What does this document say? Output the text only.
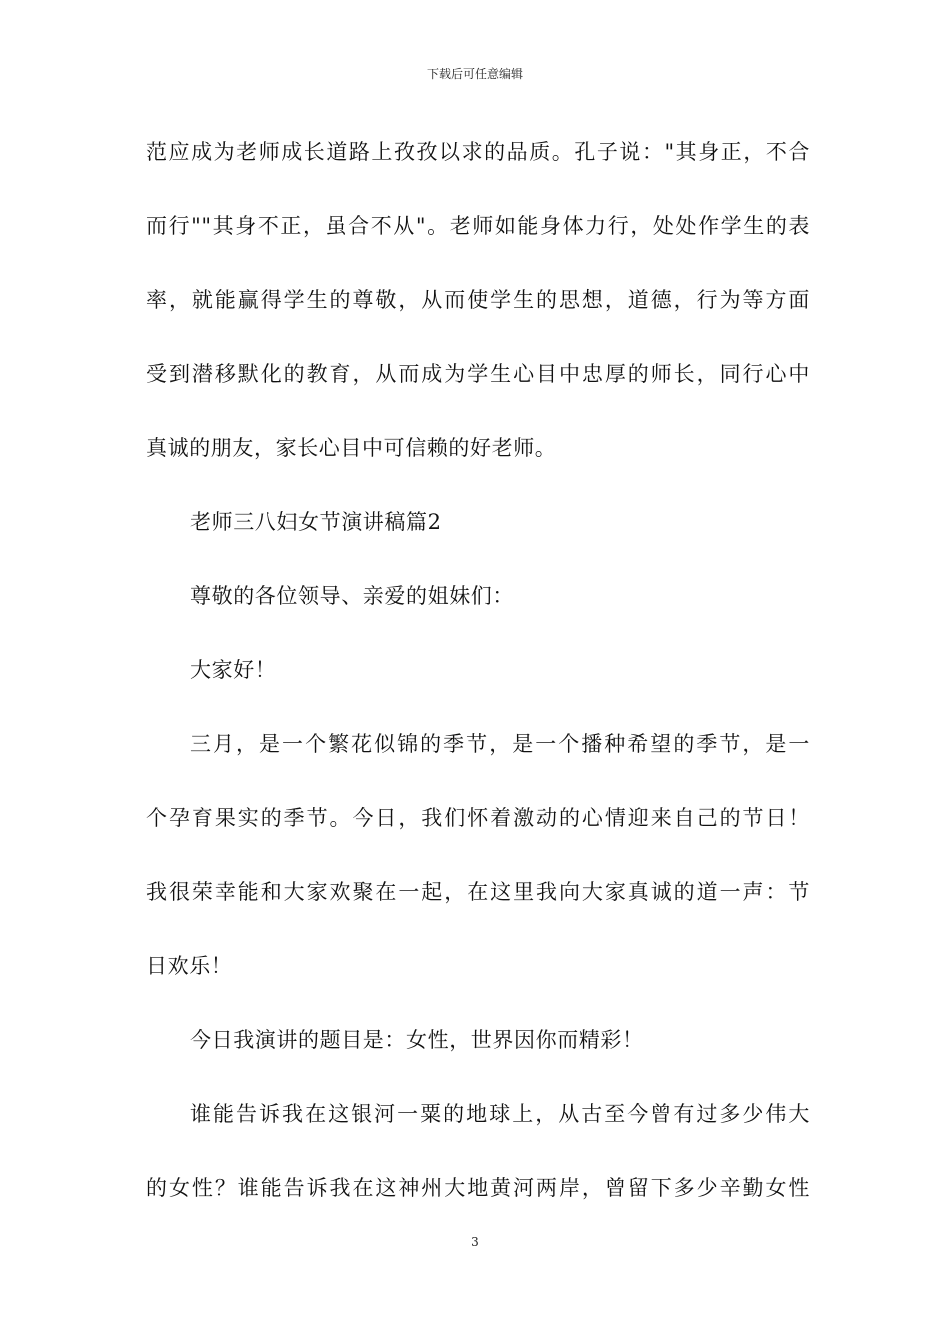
下载后可任意编辑
范应成为老师成长道路上孜孜以求的品质。孔子说："其身正，不合
而行""其身不正，虽合不从"。老师如能身体力行，处处作学生的表
率，就能赢得学生的尊敬，从而使学生的思想，道德，行为等方面
受到潜移默化的教育，从而成为学生心目中忠厚的师长，同行心中
真诚的朋友，家长心目中可信赖的好老师。
老师三八妇女节演讲稿篇2
尊敬的各位领导、亲爱的姐妹们：
大家好！
三月，是一个繁花似锦的季节，是一个播种希望的季节，是一
个孕育果实的季节。今日，我们怀着激动的心情迎来自己的节日！
我很荣幸能和大家欢聚在一起，在这里我向大家真诚的道一声：节
日欢乐！
今日我演讲的题目是：女性，世界因你而精彩！
谁能告诉我在这银河一粟的地球上，从古至今曾有过多少伟大
的女性？谁能告诉我在这神州大地黄河两岸，曾留下多少辛勤女性
3
